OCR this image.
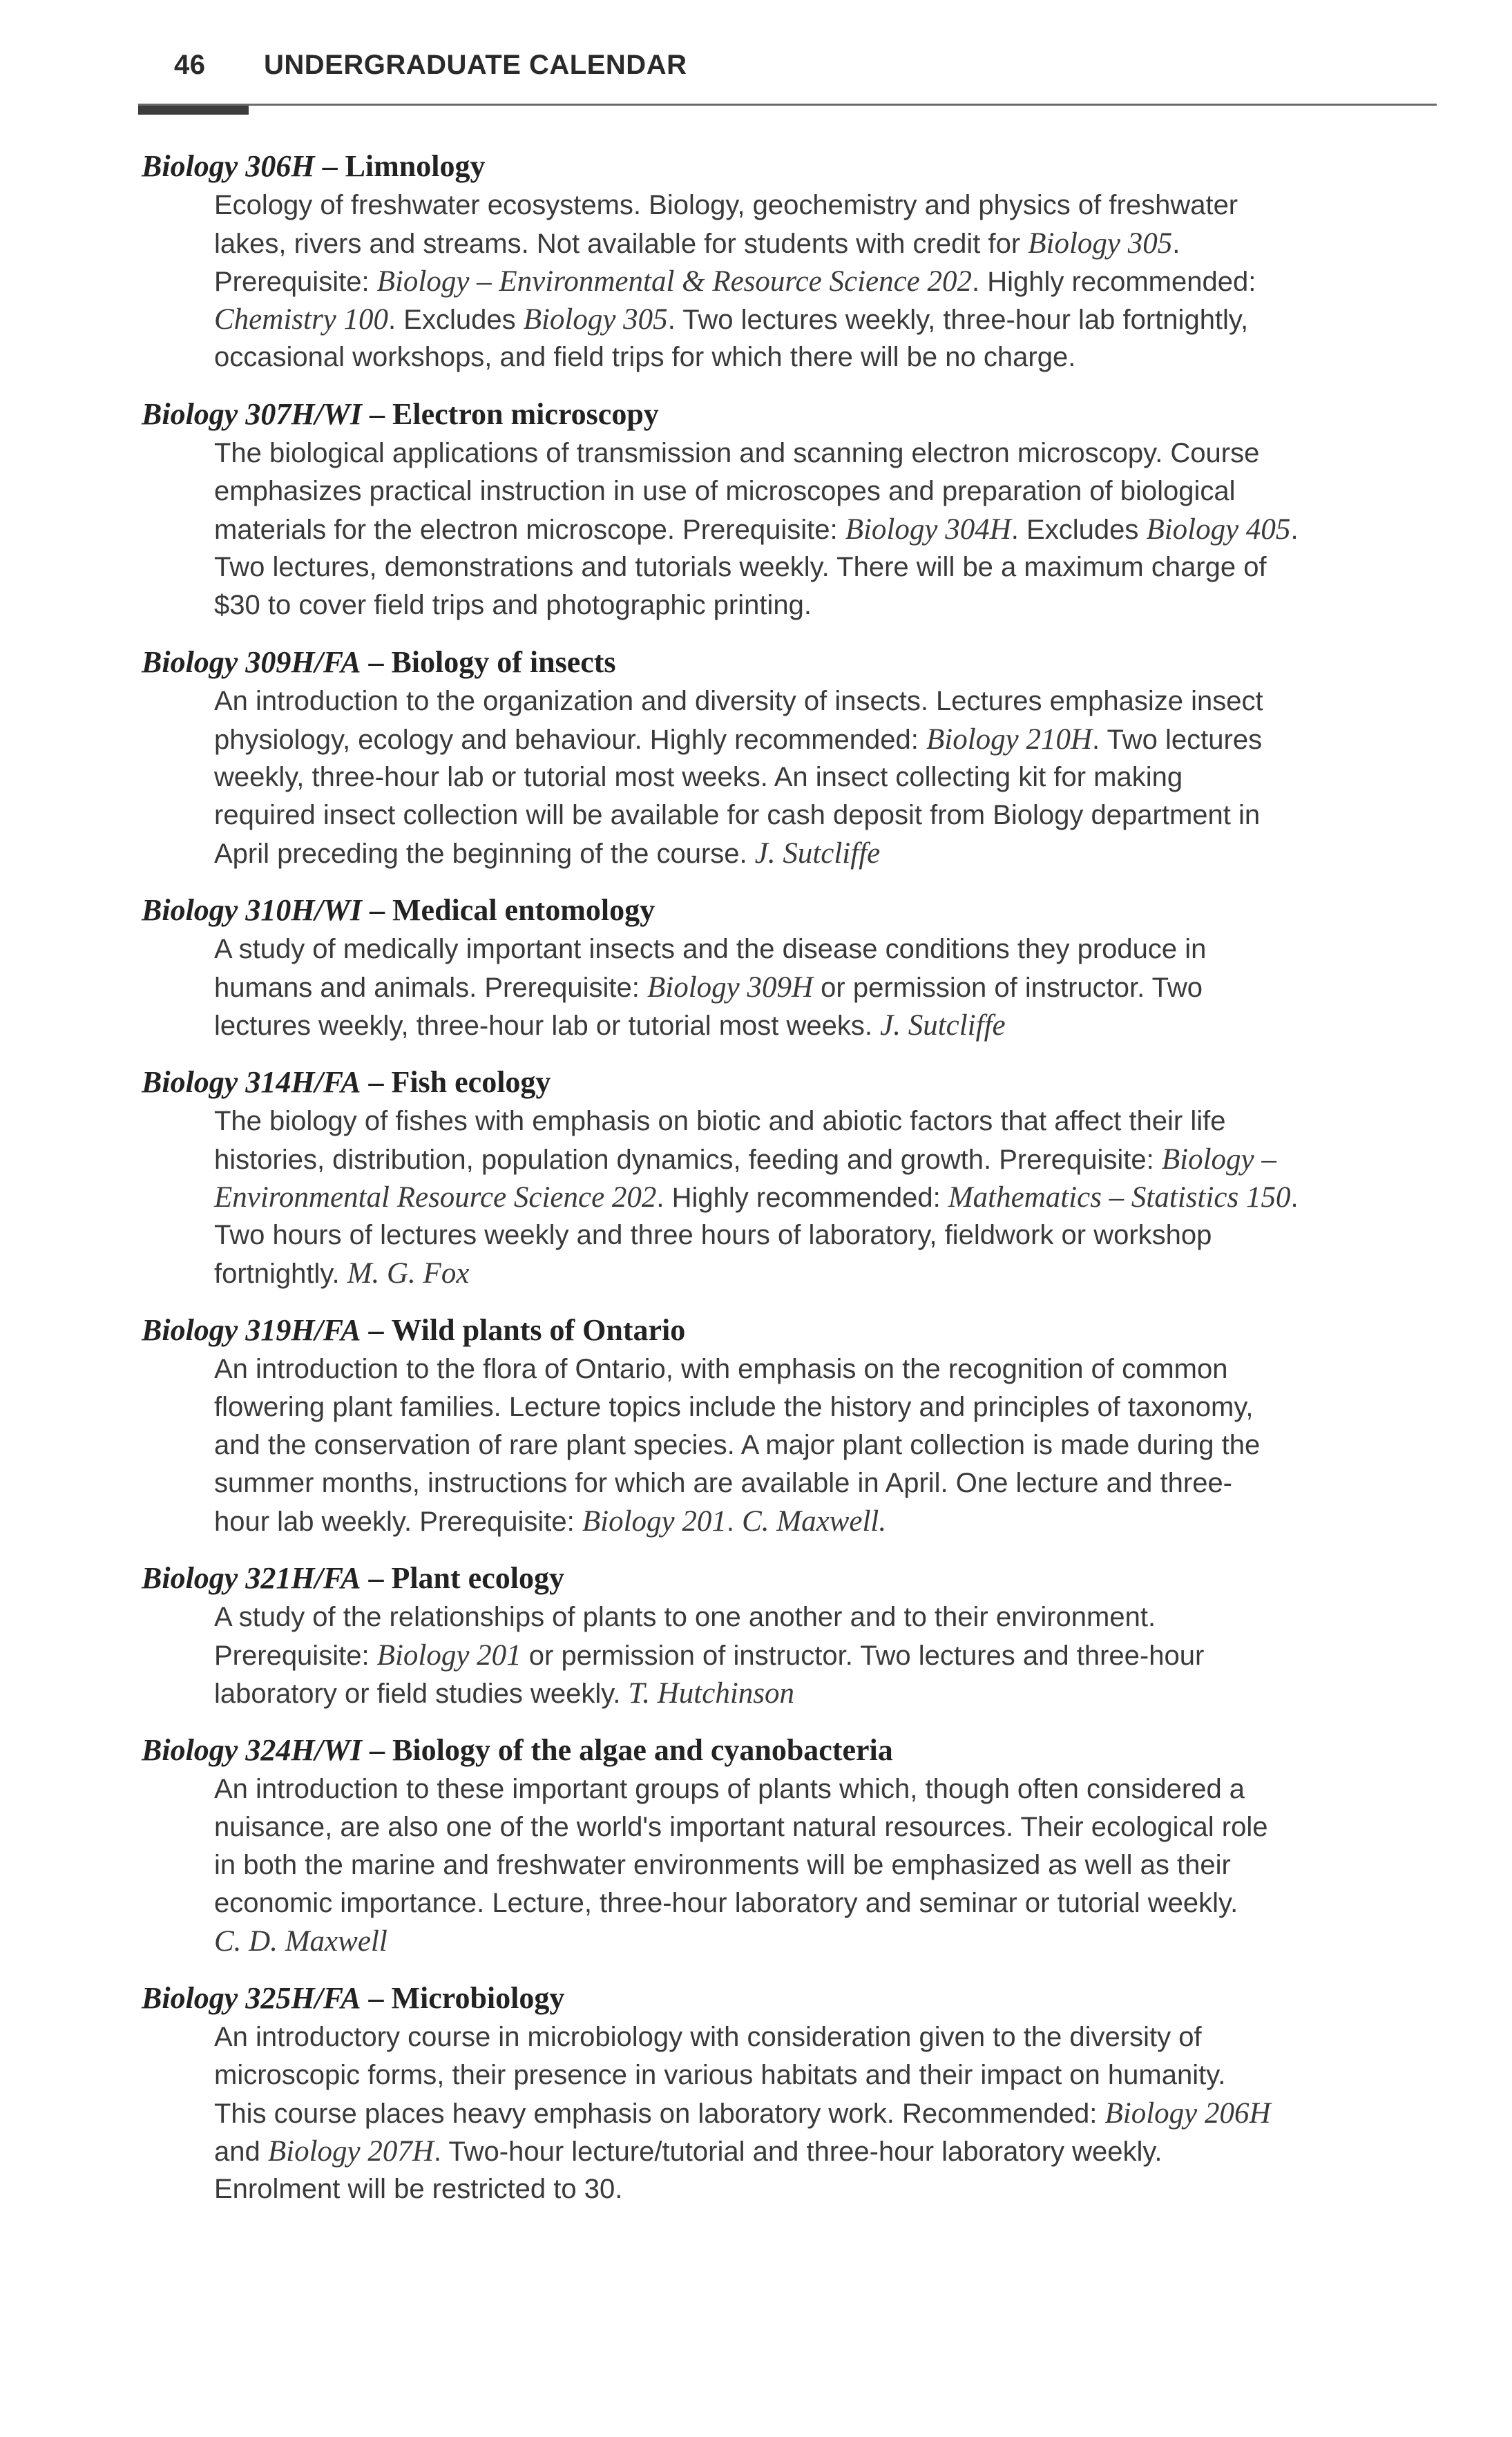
46 UNDERGRADUATE CALENDAR
Biology 306H – Limnology
Ecology of freshwater ecosystems. Biology, geochemistry and physics of freshwater
lakes, rivers and streams. Not available for students with credit for Biology 305.
Prerequisite: Biology – Environmental & Resource Science 202. Highly recommended:
Chemistry 100. Excludes Biology 305. Two lectures weekly, three-hour lab fortnightly,
occasional workshops, and field trips for which there will be no charge.
Biology 307H/WI – Electron microscopy
The biological applications of transmission and scanning electron microscopy. Course
emphasizes practical instruction in use of microscopes and preparation of biological
materials for the electron microscope. Prerequisite: Biology 304H. Excludes Biology 405.
Two lectures, demonstrations and tutorials weekly. There will be a maximum charge of
$30 to cover field trips and photographic printing.
Biology 309H/FA – Biology of insects
An introduction to the organization and diversity of insects. Lectures emphasize insect
physiology, ecology and behaviour. Highly recommended: Biology 210H. Two lectures
weekly, three-hour lab or tutorial most weeks. An insect collecting kit for making
required insect collection will be available for cash deposit from Biology department in
April preceding the beginning of the course. J. Sutcliffe
Biology 310H/WI – Medical entomology
A study of medically important insects and the disease conditions they produce in
humans and animals. Prerequisite: Biology 309H or permission of instructor. Two
lectures weekly, three-hour lab or tutorial most weeks. J. Sutcliffe
Biology 314H/FA – Fish ecology
The biology of fishes with emphasis on biotic and abiotic factors that affect their life
histories, distribution, population dynamics, feeding and growth. Prerequisite: Biology –
Environmental Resource Science 202. Highly recommended: Mathematics – Statistics 150.
Two hours of lectures weekly and three hours of laboratory, fieldwork or workshop
fortnightly. M. G. Fox
Biology 319H/FA – Wild plants of Ontario
An introduction to the flora of Ontario, with emphasis on the recognition of common
flowering plant families. Lecture topics include the history and principles of taxonomy,
and the conservation of rare plant species. A major plant collection is made during the
summer months, instructions for which are available in April. One lecture and three-
hour lab weekly. Prerequisite: Biology 201. C. Maxwell.
Biology 321H/FA – Plant ecology
A study of the relationships of plants to one another and to their environment.
Prerequisite: Biology 201 or permission of instructor. Two lectures and three-hour
laboratory or field studies weekly. T. Hutchinson
Biology 324H/WI – Biology of the algae and cyanobacteria
An introduction to these important groups of plants which, though often considered a
nuisance, are also one of the world's important natural resources. Their ecological role
in both the marine and freshwater environments will be emphasized as well as their
economic importance. Lecture, three-hour laboratory and seminar or tutorial weekly.
C. D. Maxwell
Biology 325H/FA – Microbiology
An introductory course in microbiology with consideration given to the diversity of
microscopic forms, their presence in various habitats and their impact on humanity.
This course places heavy emphasis on laboratory work. Recommended: Biology 206H
and Biology 207H. Two-hour lecture/tutorial and three-hour laboratory weekly.
Enrolment will be restricted to 30.
